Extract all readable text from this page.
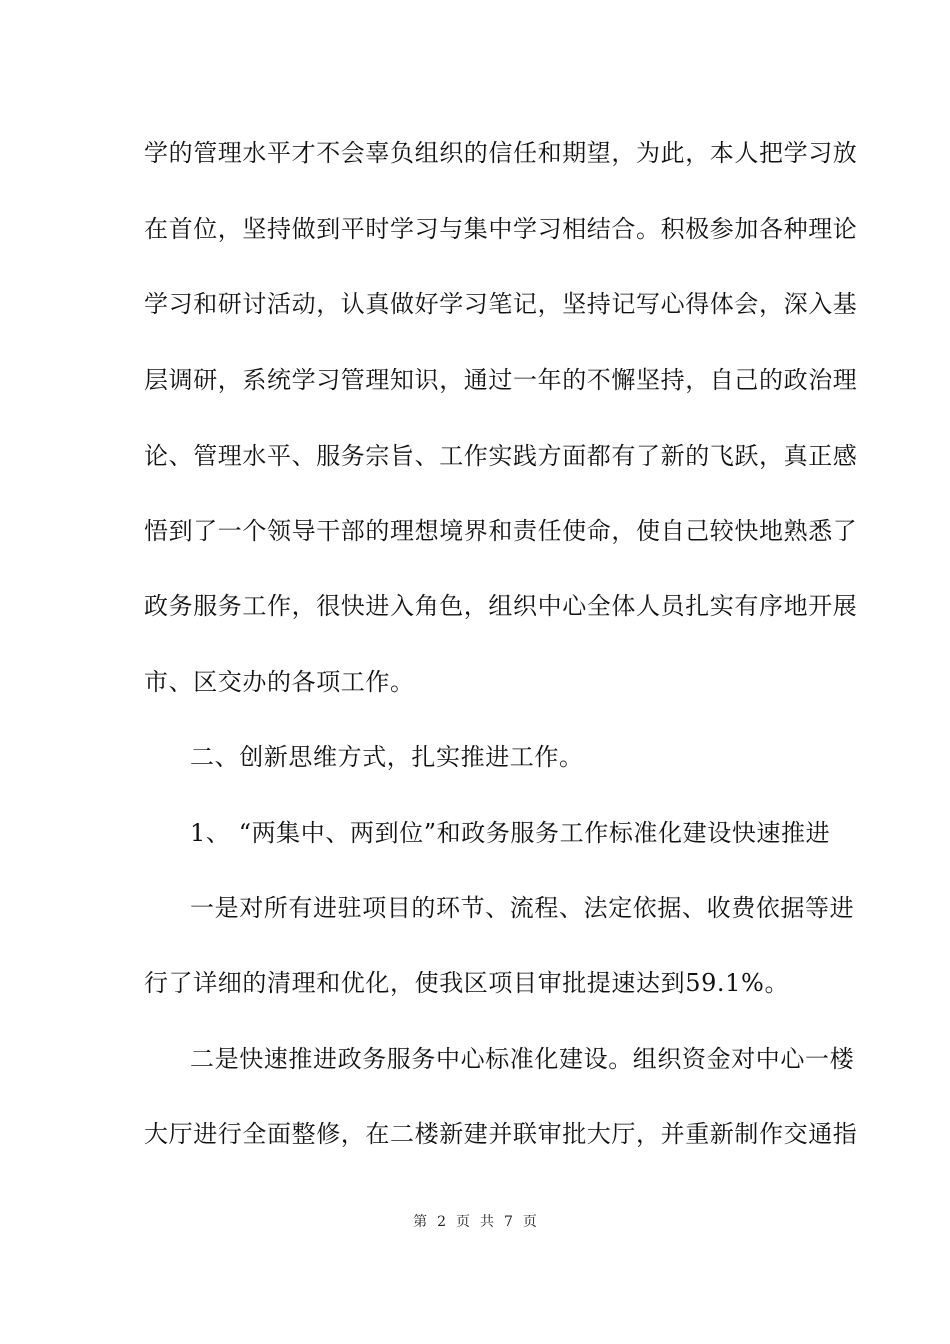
学的管理水平才不会辜负组织的信任和期望，为此，本人把学习放
在首位，坚持做到平时学习与集中学习相结合。积极参加各种理论
学习和研讨活动，认真做好学习笔记，坚持记写心得体会，深入基
层调研，系统学习管理知识，通过一年的不懈坚持，自己的政治理
论、管理水平、服务宗旨、工作实践方面都有了新的飞跃，真正感
悟到了一个领导干部的理想境界和责任使命，使自己较快地熟悉了
政务服务工作，很快进入角色，组织中心全体人员扎实有序地开展
市、区交办的各项工作。
二、创新思维方式，扎实推进工作。
1、 “两集中、两到位”和政务服务工作标准化建设快速推进
一是对所有进驻项目的环节、流程、法定依据、收费依据等进
行了详细的清理和优化，使我区项目审批提速达到59.1%。
二是快速推进政务服务中心标准化建设。组织资金对中心一楼
大厅进行全面整修，在二楼新建并联审批大厅，并重新制作交通指
第 2 页 共 7 页
